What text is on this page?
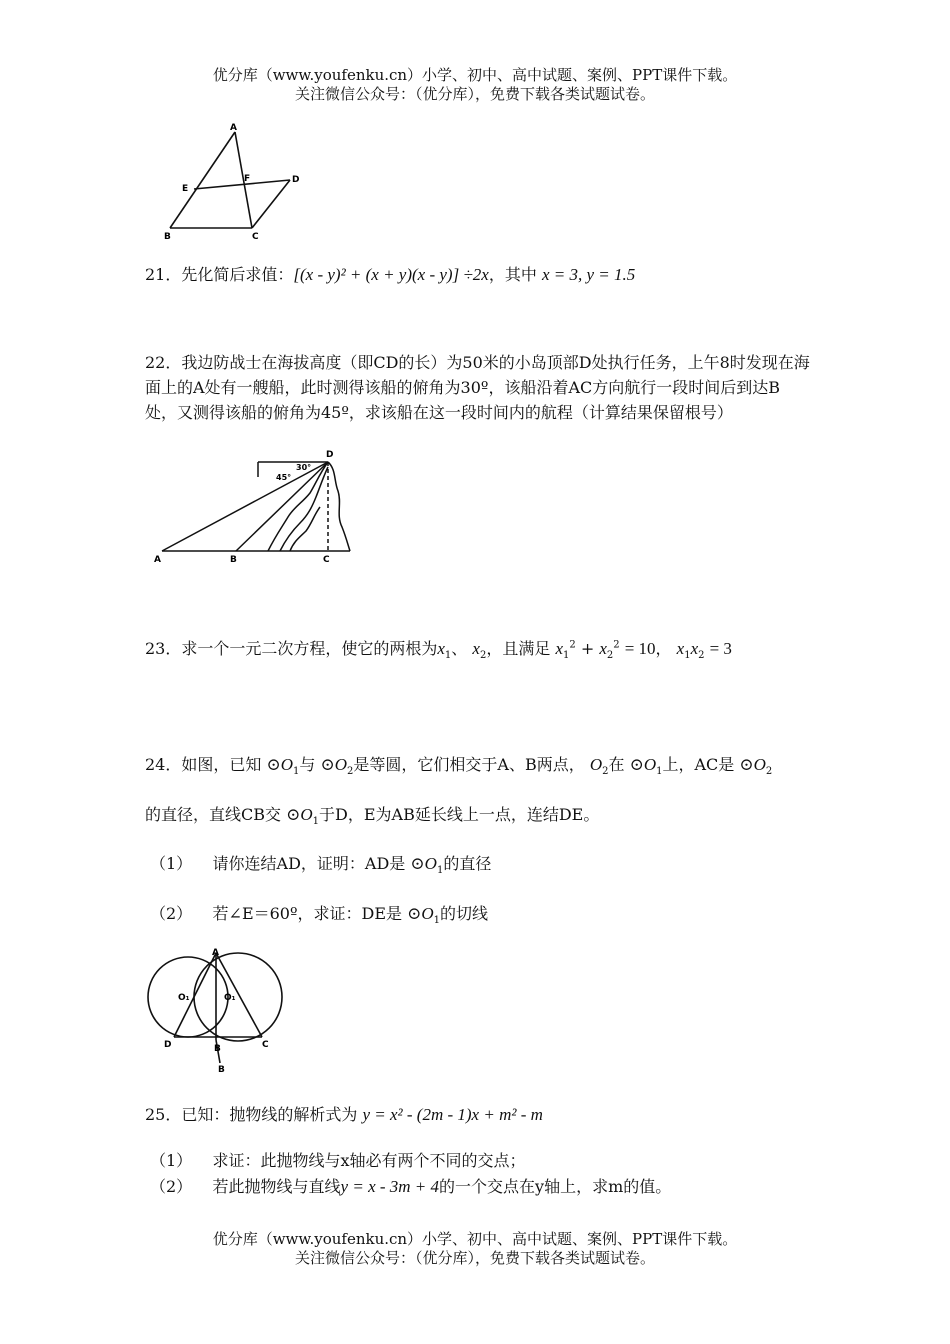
优分库（www.youfenku.cn）小学、初中、高中试题、案例、PPT课件下载。
关注微信公众号：（优分库），免费下载各类试题试卷。
A
E
F	D
B	C
21．先化简后求值：[(x - y)² + (x + y)(x - y)] ÷2x，其中 x = 3, y = 1.5
22．我边防战士在海拔高度（即CD的长）为50米的小岛顶部D处执行任务，上午8时发现在海面上的A处有一艘船，此时测得该船的俯角为30º，该船沿着AC方向航行一段时间后到达B处，又测得该船的俯角为45º，求该船在这一段时间内的航程（计算结果保留根号）
D
30°
45°
A	B	C
23．求一个一元二次方程，使它的两根为$x_1$、 $x_2$，且满足 $x_1^2 + x_2^2 = 10$， $x_1x_2 = 3$
24．如图，已知 $⊙O_1$与 $⊙O_2$是等圆，它们相交于A、B两点， $O_2$在 $⊙O_1$上，AC是 $⊙O_2$
的直径，直线CB交 $⊙O_1$于D，E为AB延长线上一点，连结DE。
（1） 请你连结AD，证明：AD是 $⊙O_1$的直径
（2） 若∠E＝60º，求证：DE是 $⊙O_1$的切线
A
O₁	O₁
D	B	C
B
25．已知：抛物线的解析式为 y = x² - (2m - 1)x + m² - m
（1） 求证：此抛物线与x轴必有两个不同的交点；
（2） 若此抛物线与直线y = x - 3m + 4的一个交点在y轴上，求m的值。
优分库（www.youfenku.cn）小学、初中、高中试题、案例、PPT课件下载。
关注微信公众号：（优分库），免费下载各类试题试卷。
